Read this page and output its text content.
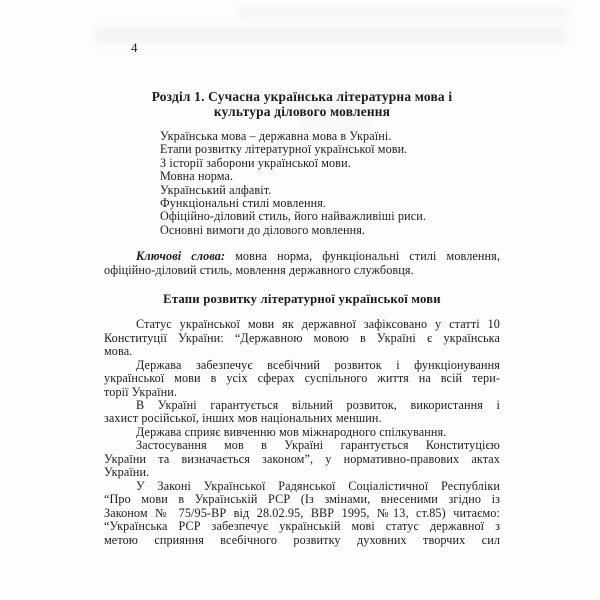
4
Розділ 1. Сучасна українська літературна мова і
культура ділового мовлення
Українська мова – державна мова в Україні.
Етапи розвитку літературної української мови.
З історії заборони української мови.
Мовна норма.
Український алфавіт.
Функціональні стилі мовлення.
Офіційно-діловий стиль, його найважливіші риси.
Основні вимоги до ділового мовлення.
Ключові слова: мовна норма, функціональні стилі мовлення,
офіційно-діловий стиль, мовлення державного службовця.
Етапи розвитку літературної української мови
Статус української мови як державної зафіксовано у статті 10
Конституції України: “Державною мовою в Україні є українська
мова.
Держава забезпечує всебічний розвиток і функціонування
української мови в усіх сферах суспільного життя на всій тери-
торії України.
В Україні гарантується вільний розвиток, використання і
захист російської, інших мов національних меншин.
Держава сприяє вивченню мов міжнародного спілкування.
Застосування мов в Україні гарантується Конституцією
України та визначається законом”, у нормативно-правових актах
України.
У Законі Української Радянської Соціалістичної Республіки
“Про мови в Українській РСР (Із змінами, внесеними згідно із
Законом № 75/95-ВР від 28.02.95, ВВР 1995, №13, ст.85) читаємо:
“Українська РСР забезпечує українській мові статус державної з
метою сприяння всебічного розвитку духовних творчих сил
